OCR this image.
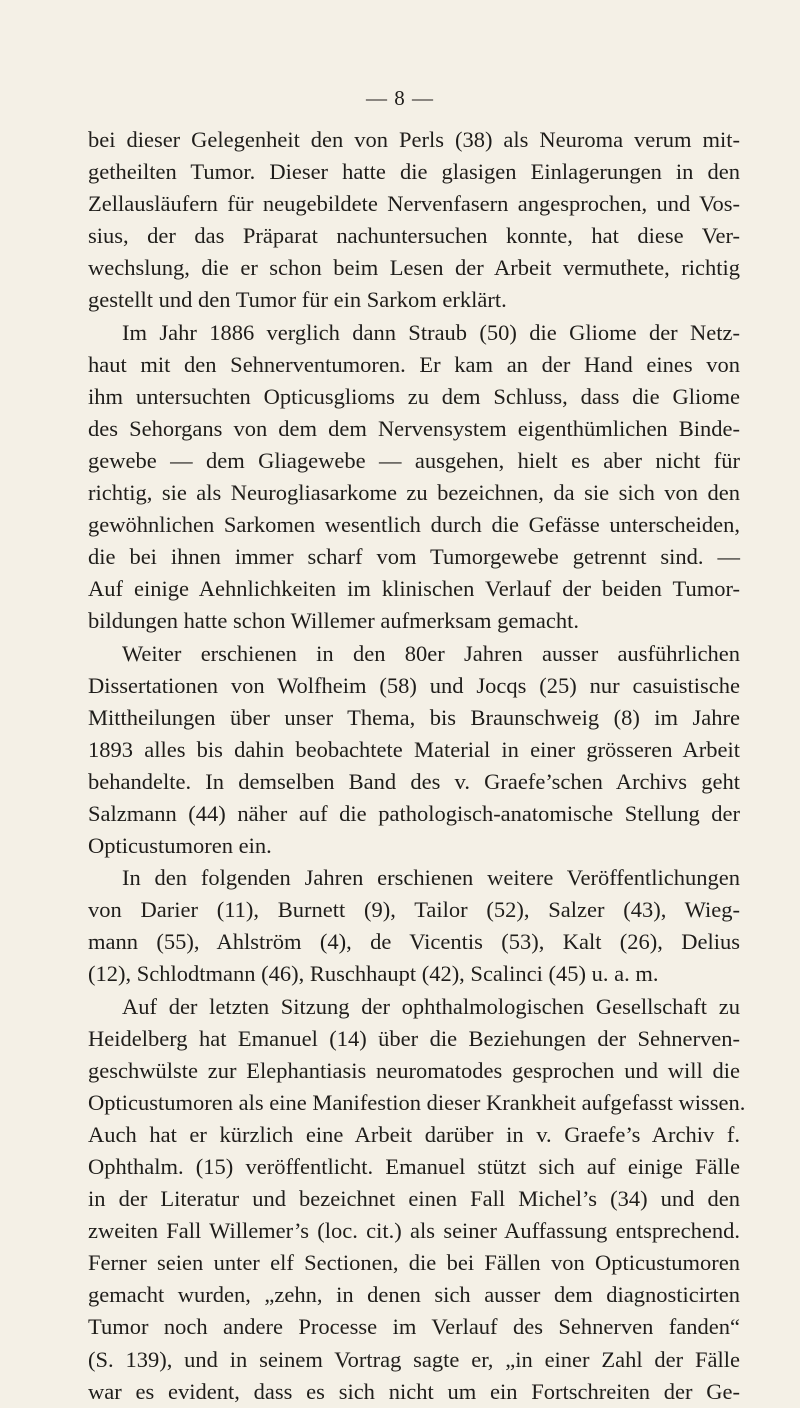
— 8 —
bei dieser Gelegenheit den von Perls (38) als Neuroma verum mit-
getheilten Tumor. Dieser hatte die glasigen Einlagerungen in den
Zellausläufern für neugebildete Nervenfasern angesprochen, und Vos-
sius, der das Präparat nachuntersuchen konnte, hat diese Ver-
wechslung, die er schon beim Lesen der Arbeit vermuthete, richtig
gestellt und den Tumor für ein Sarkom erklärt.
Im Jahr 1886 verglich dann Straub (50) die Gliome der Netz-
haut mit den Sehnerventumoren. Er kam an der Hand eines von
ihm untersuchten Opticusglioms zu dem Schluss, dass die Gliome
des Sehorgans von dem dem Nervensystem eigenthümlichen Binde-
gewebe — dem Gliagewebe — ausgehen, hielt es aber nicht für
richtig, sie als Neurogliasarkome zu bezeichnen, da sie sich von den
gewöhnlichen Sarkomen wesentlich durch die Gefässe unterscheiden,
die bei ihnen immer scharf vom Tumorgewebe getrennt sind. —
Auf einige Aehnlichkeiten im klinischen Verlauf der beiden Tumor-
bildungen hatte schon Willemer aufmerksam gemacht.
Weiter erschienen in den 80er Jahren ausser ausführlichen
Dissertationen von Wolfheim (58) und Jocqs (25) nur casuistische
Mittheilungen über unser Thema, bis Braunschweig (8) im Jahre
1893 alles bis dahin beobachtete Material in einer grösseren Arbeit
behandelte. In demselben Band des v. Graefe’schen Archivs geht
Salzmann (44) näher auf die pathologisch-anatomische Stellung der
Opticustumoren ein.
In den folgenden Jahren erschienen weitere Veröffentlichungen
von Darier (11), Burnett (9), Tailor (52), Salzer (43), Wieg-
mann (55), Ahlström (4), de Vicentis (53), Kalt (26), Delius
(12), Schlodtmann (46), Ruschhaupt (42), Scalinci (45) u. a. m.
Auf der letzten Sitzung der ophthalmologischen Gesellschaft zu
Heidelberg hat Emanuel (14) über die Beziehungen der Sehnerven-
geschwülste zur Elephantiasis neuromatodes gesprochen und will die
Opticustumoren als eine Manifestion dieser Krankheit aufgefasst wissen.
Auch hat er kürzlich eine Arbeit darüber in v. Graefe’s Archiv f.
Ophthalm. (15) veröffentlicht. Emanuel stützt sich auf einige Fälle
in der Literatur und bezeichnet einen Fall Michel’s (34) und den
zweiten Fall Willemer’s (loc. cit.) als seiner Auffassung entsprechend.
Ferner seien unter elf Sectionen, die bei Fällen von Opticustumoren
gemacht wurden, „zehn, in denen sich ausser dem diagnosticirten
Tumor noch andere Processe im Verlauf des Sehnerven fanden“
(S. 139), und in seinem Vortrag sagte er, „in einer Zahl der Fälle
war es evident, dass es sich nicht um ein Fortschreiten der Ge-
